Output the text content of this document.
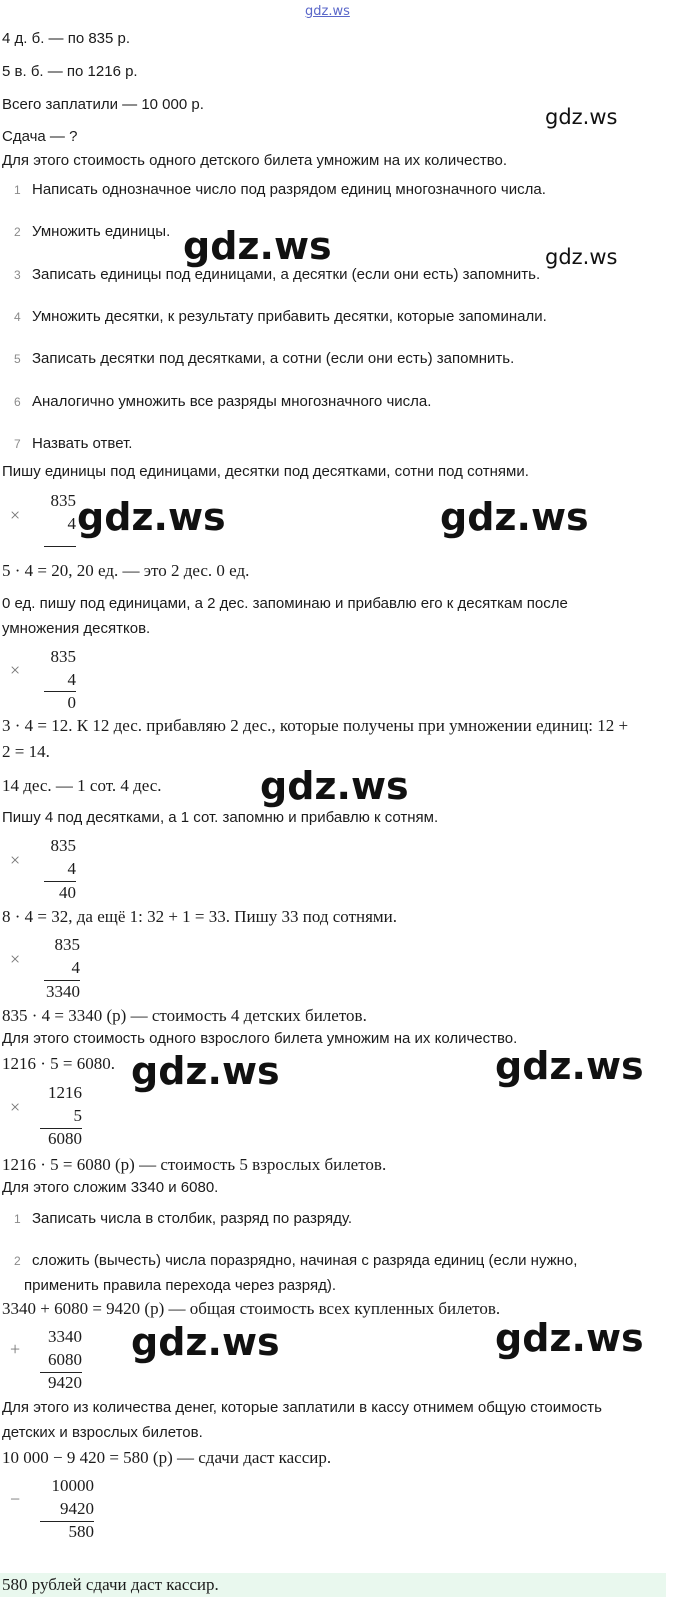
gdz.ws
4 д. б. — по 835 р.
5 в. б. — по 1216 р.
Всего заплатили — 10 000 р.
Сдача — ?
Для этого стоимость одного детского билета умножим на их количество.
1 Написать однозначное число под разрядом единиц многозначного числа.
2 Умножить единицы.
3 Записать единицы под единицами, а десятки (если они есть) запомнить.
4 Умножить десятки, к результату прибавить десятки, которые запоминали.
5 Записать десятки под десятками, а сотни (если они есть) запомнить.
6 Аналогично умножить все разряды многозначного числа.
7 Назвать ответ.
Пишу единицы под единицами, десятки под десятками, сотни под сотнями.
×
835
4
5 · 4 = 20, 20 ед. — это 2 дес. 0 ед.
0 ед. пишу под единицами, а 2 дес. запоминаю и прибавлю его к десяткам после
умножения десятков.
×
835
4
0
3 · 4 = 12. К 12 дес. прибавляю 2 дес., которые получены при умножении единиц: 12 +
2 = 14.
14 дес. — 1 сот. 4 дес.
Пишу 4 под десятками, а 1 сот. запомню и прибавлю к сотням.
×
835
4
40
8 · 4 = 32, да ещё 1: 32 + 1 = 33. Пишу 33 под сотнями.
×
835
4
3340
835 · 4 = 3340 (р) — стоимость 4 детских билетов.
Для этого стоимость одного взрослого билета умножим на их количество.
1216 · 5 = 6080.
×
1216
5
6080
1216 · 5 = 6080 (р) — стоимость 5 взрослых билетов.
Для этого сложим 3340 и 6080.
1 Записать числа в столбик, разряд по разряду.
2 сложить (вычесть) числа поразрядно, начиная с разряда единиц (если нужно,
применить правила перехода через разряд).
3340 + 6080 = 9420 (р) — общая стоимость всех купленных билетов.
+
3340
6080
9420
Для этого из количества денег, которые заплатили в кассу отнимем общую стоимость
детских и взрослых билетов.
10 000 − 9 420 = 580 (р) — сдачи даст кассир.
−
10000
9420
580
580 рублей сдачи даст кассир.
gdz.ws
gdz.ws	gdz.ws
gdz.ws	gdz.ws
gdz.ws
gdz.ws	gdz.ws
gdz.ws	gdz.ws
